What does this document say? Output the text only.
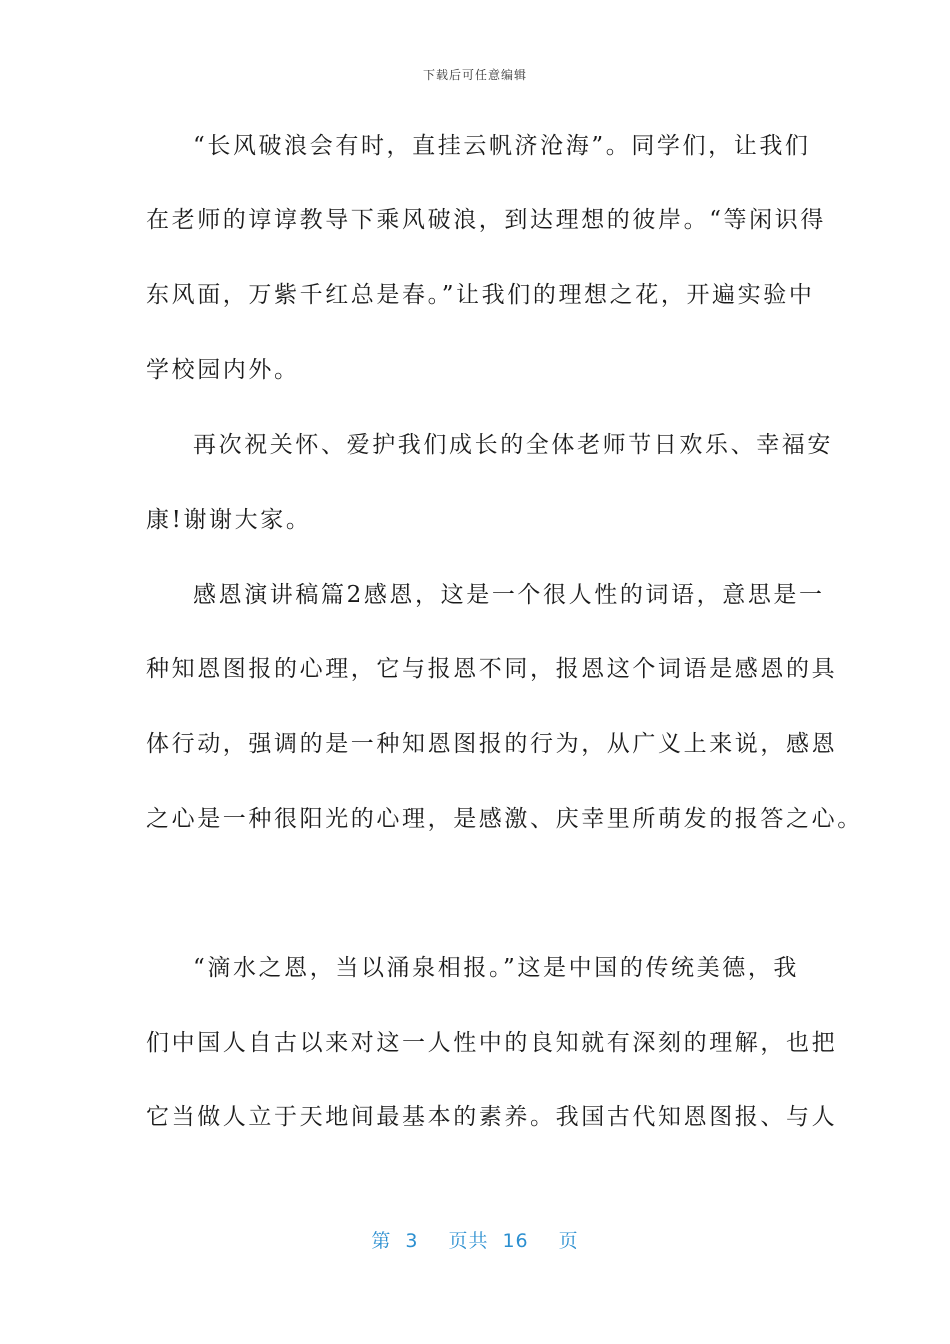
下载后可任意编辑
“长风破浪会有时，直挂云帆济沧海”。同学们，让我们
在老师的谆谆教导下乘风破浪，到达理想的彼岸。“等闲识得
东风面，万紫千红总是春。”让我们的理想之花，开遍实验中
学校园内外。
再次祝关怀、爱护我们成长的全体老师节日欢乐、幸福安
康!谢谢大家。
感恩演讲稿篇2感恩，这是一个很人性的词语，意思是一
种知恩图报的心理，它与报恩不同，报恩这个词语是感恩的具
体行动，强调的是一种知恩图报的行为，从广义上来说，感恩
之心是一种很阳光的心理，是感激、庆幸里所萌发的报答之心。
“滴水之恩，当以涌泉相报。”这是中国的传统美德，我
们中国人自古以来对这一人性中的良知就有深刻的理解，也把
它当做人立于天地间最基本的素养。我国古代知恩图报、与人
第 3 页共 16 页
